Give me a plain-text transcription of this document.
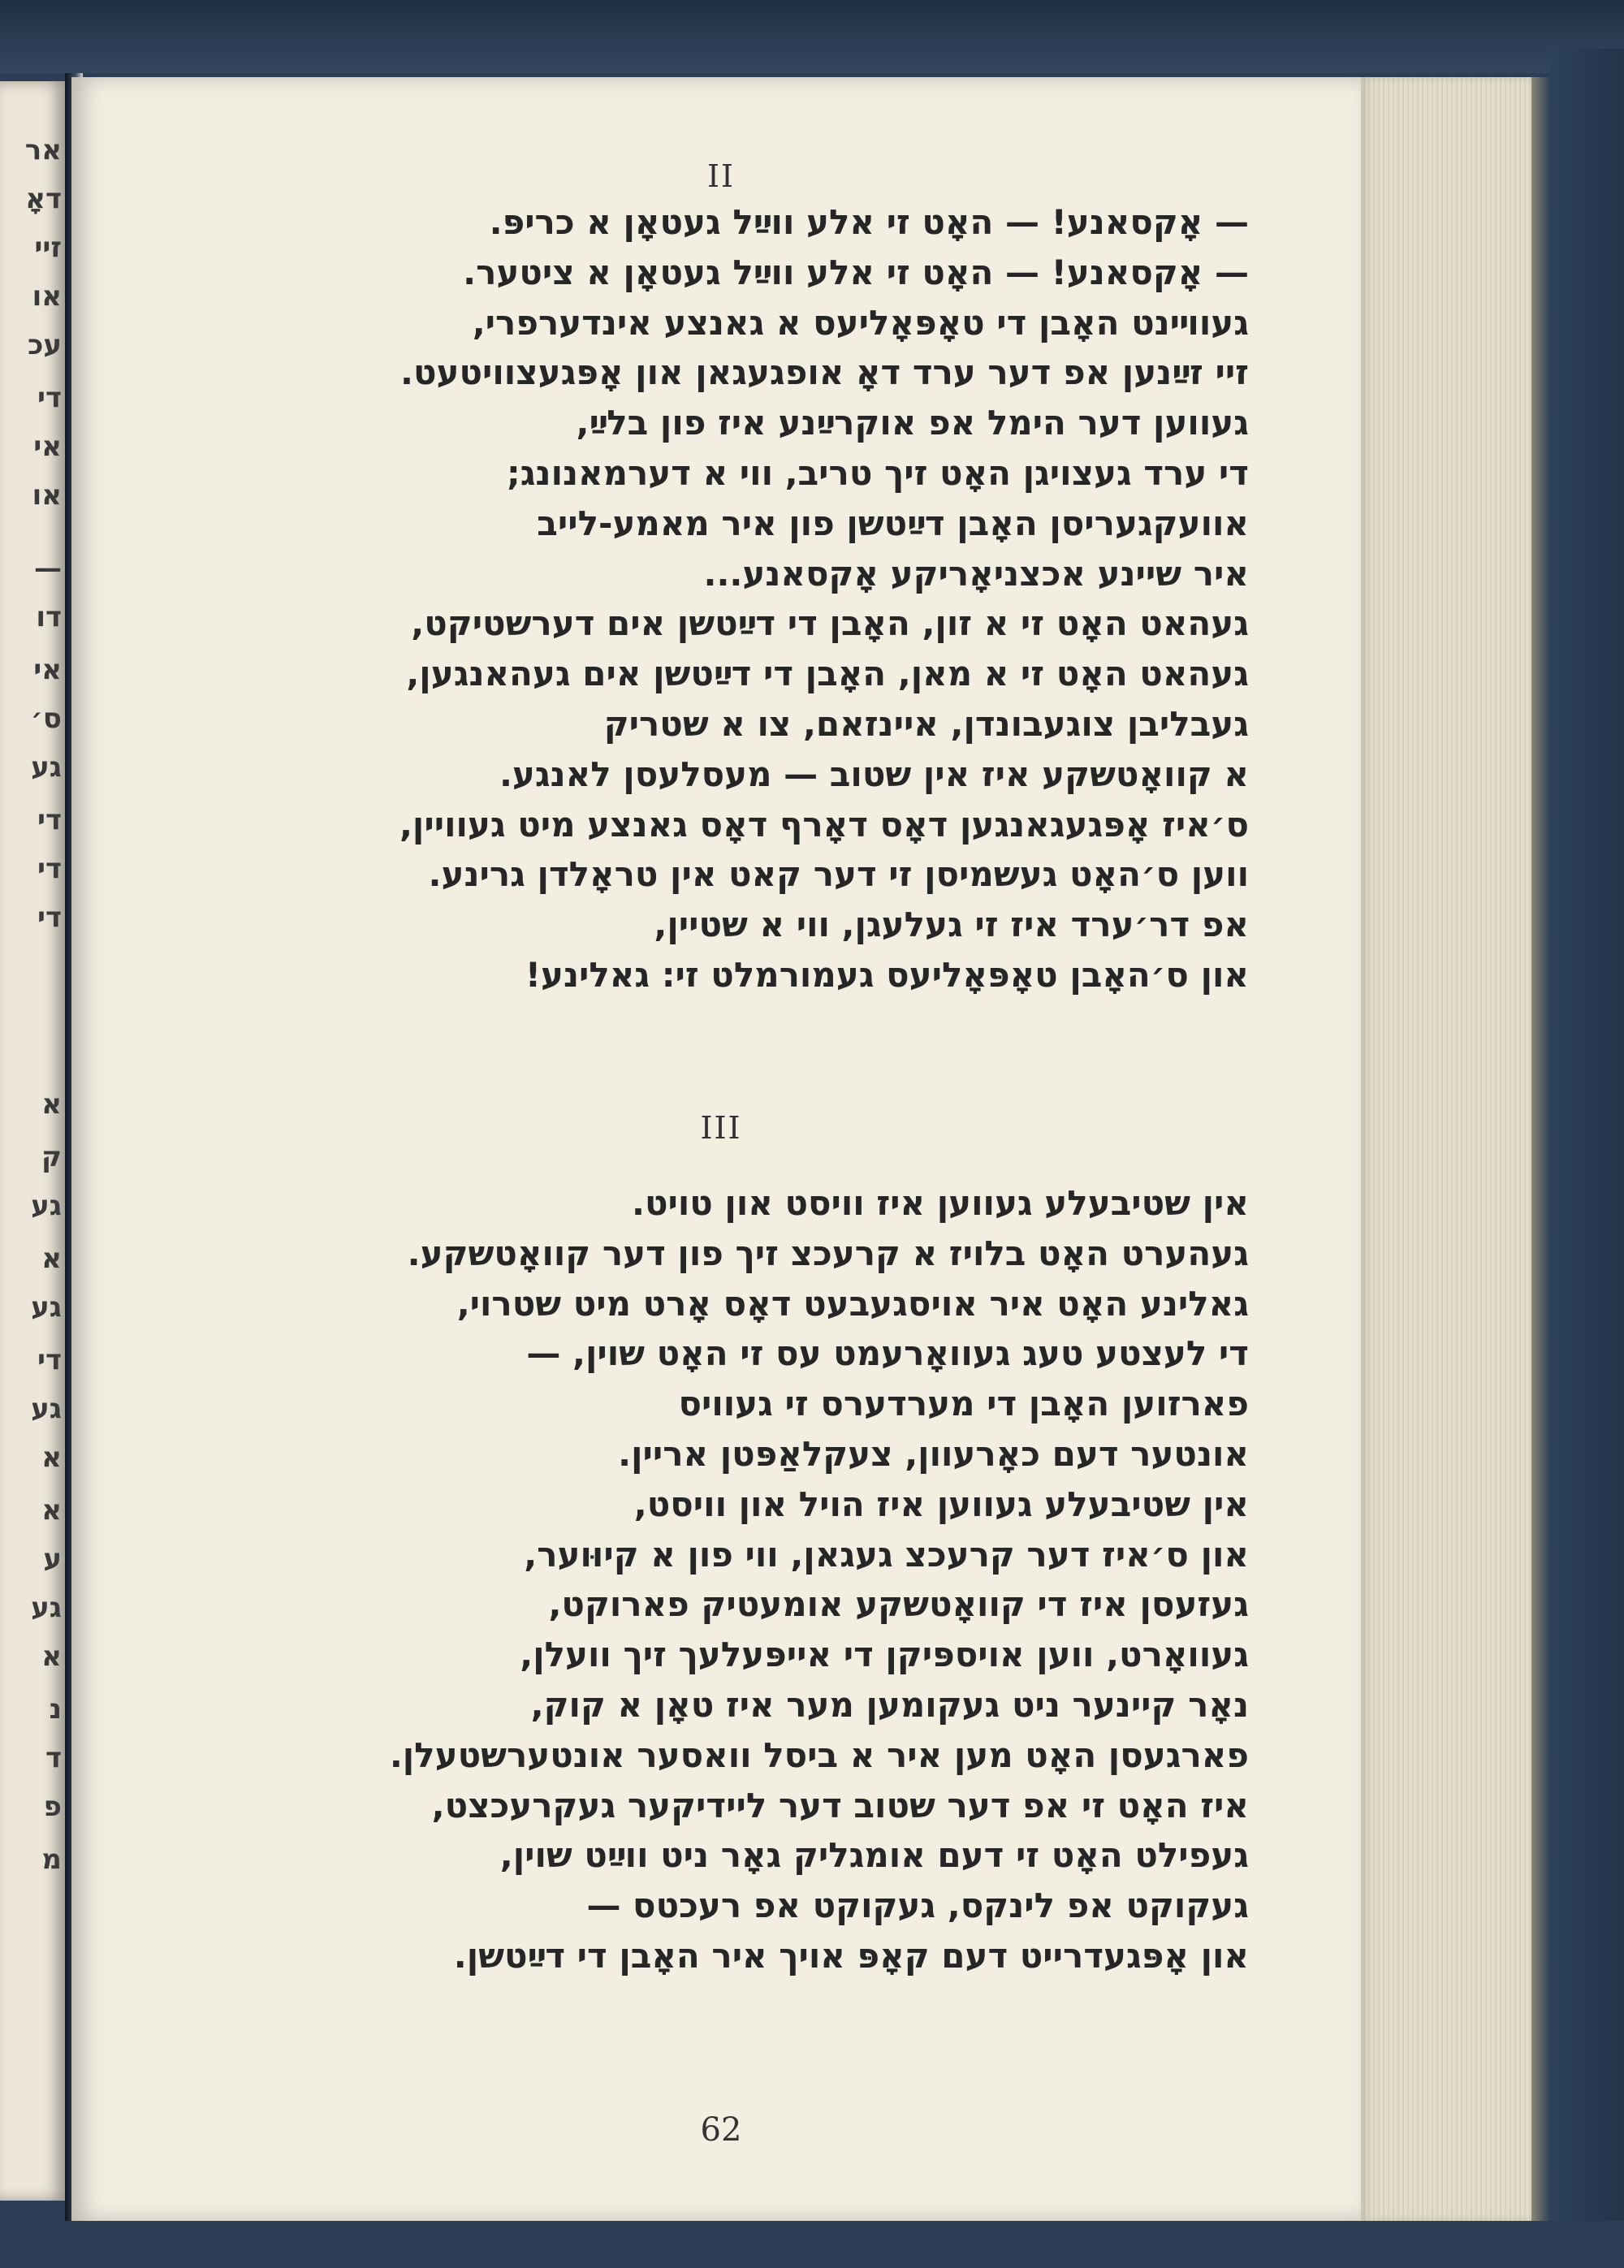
אר
דאָ
זיי
או
עכ
די
אי
או
—
דו
אי
ס׳
גע
די
די
די
א
ק
גע
א
גע
די
גע
א
א
ע
גע
א
נ
ד
פ
מ
II
— אָקסאנע! — האָט זי אלע ווײַל געטאָן א כריפּ.
— אָקסאנע! — האָט זי אלע ווײַל געטאָן א ציטער.
געווײנט האָבן די טאָפּאָליעס א גאנצע אינדערפרי,
זיי זײַנען אפ דער ערד דאָ אופגעגאן און אָפּגעצוויטעט.
געווען דער הימל אפ אוקרײַנע איז פון בלײַ,
די ערד געצויגן האָט זיך טריב, ווי א דערמאנונג;
אוועקגעריסן האָבן דײַטשן פון איר מאמע-לייב
איר שיינע אכצניאָריקע אָקסאנע...
געהאט האָט זי א זון, האָבן די דײַטשן אים דערשטיקט,
געהאט האָט זי א מאן, האָבן די דײַטשן אים געהאנגען,
געבליבן צוגעבונדן, איינזאם, צו א שטריק
א קוואָטשקע איז אין שטוב — מעסלעסן לאנגע.
ס׳איז אָפּגעגאנגען דאָס דאָרף דאָס גאנצע מיט געוויין,
ווען ס׳האָט געשמיסן זי דער קאט אין טראָלדן גרינע.
אפ דר׳ערד איז זי געלעגן, ווי א שטיין,
און ס׳האָבן טאָפּאָליעס געמורמלט זי: גאלינע!
III
אין שטיבעלע געווען איז וויסט און טויט.
געהערט האָט בלויז א קרעכצ זיך פון דער קוואָטשקע.
גאלינע האָט איר אויסגעבעט דאָס אָרט מיט שטרוי,
די לעצטע טעג געוואָרעמט עס זי האָט שוין, —
פארזוען האָבן די מערדערס זי געוויס
אונטער דעם כאָרעוון, צעקלאַפּטן אריין.
אין שטיבעלע געווען איז הויל און וויסט,
און ס׳איז דער קרעכצ געגאן, ווי פון א קיוּוער,
געזעסן איז די קוואָטשקע אומעטיק פארוקט,
געוואָרט, ווען אויספּיקן די אייפּעלעך זיך וועלן,
נאָר קיינער ניט געקומען מער איז טאָן א קוק,
פארגעסן האָט מען איר א ביסל וואסער אונטערשטעלן.
איז האָט זי אפ דער שטוב דער ליידיקער געקרעכצט,
געפילט האָט זי דעם אומגליק גאָר ניט ווײַט שוין,
געקוקט אפ לינקס, געקוקט אפ רעכטס —
און אָפּגעדרייט דעם קאָפּ אויך איר האָבן די דײַטשן.
62
